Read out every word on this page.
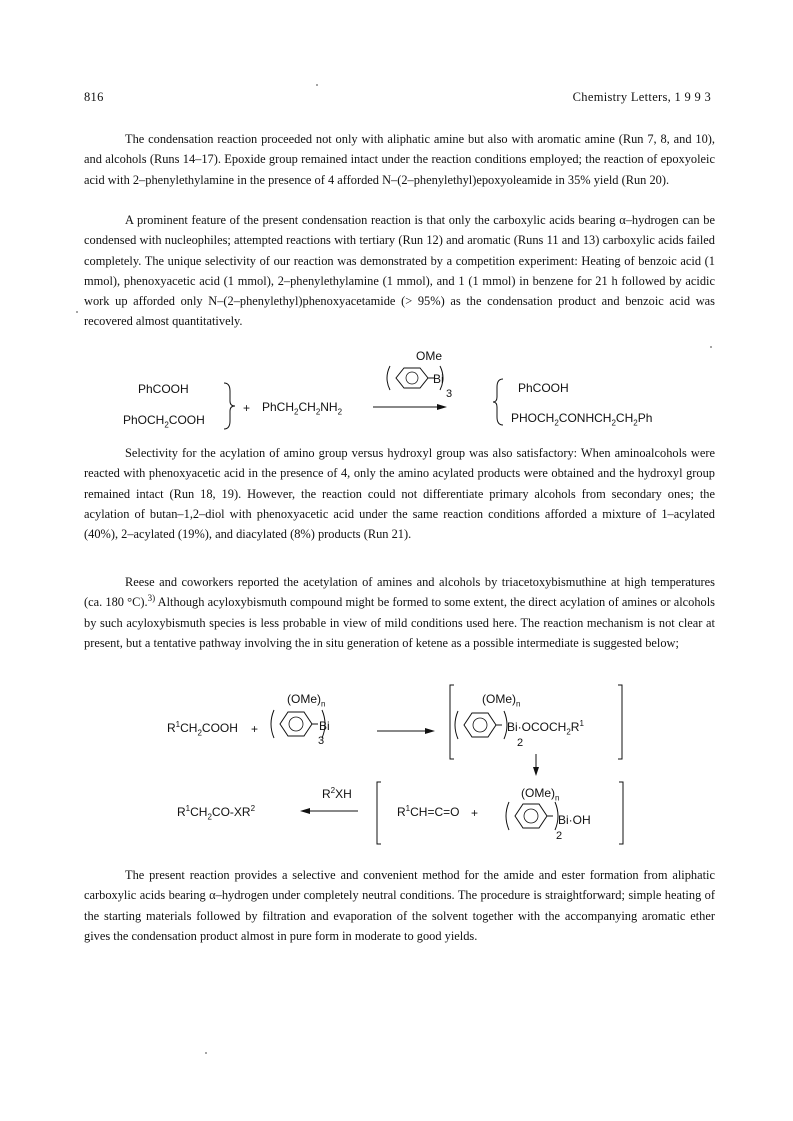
816	Chemistry Letters, 1 9 9 3

The condensation reaction proceeded not only with aliphatic amine but also with aromatic amine (Run 7, 8, and 10), and alcohols (Runs 14–17). Epoxide group remained intact under the reaction conditions employed; the reaction of epoxyoleic acid with 2–phenylethylamine in the presence of 4 afforded N–(2–phenylethyl)epoxyoleamide in 35% yield (Run 20).

A prominent feature of the present condensation reaction is that only the carboxylic acids bearing α–hydrogen can be condensed with nucleophiles; attempted reactions with tertiary (Run 12) and aromatic (Runs 11 and 13) carboxylic acids failed completely. The unique selectivity of our reaction was demonstrated by a competition experiment: Heating of benzoic acid (1 mmol), phenoxyacetic acid (1 mmol), 2–phenylethylamine (1 mmol), and 1 (1 mmol) in benzene for 21 h followed by acidic work up afforded only N–(2–phenylethyl)phenoxyacetamide (> 95%) as the condensation product and benzoic acid was recovered almost quantitatively.

PhCOOH
PhOCH$_2$COOH
+ $PhCH_2CH_2NH_2$
OMe
Bi
3	PhCOOH
$PHOCH_2CONHCH_2CH_2Ph$

Selectivity for the acylation of amino group versus hydroxyl group was also satisfactory: When aminoalcohols were reacted with phenoxyacetic acid in the presence of 4, only the amino acylated products were obtained and the hydroxyl group remained intact (Run 18, 19). However, the reaction could not differentiate primary alcohols from secondary ones; the acylation of butan–1,2–diol with phenoxyacetic acid under the same reaction conditions afforded a mixture of 1–acylated (40%), 2–acylated (19%), and diacylated (8%) products (Run 21).

Reese and coworkers reported the acetylation of amines and alcohols by triacetoxybismuthine at high temperatures (ca. 180 °C).$^{3)}$ Although acyloxybismuth compound might be formed to some extent, the direct acylation of amines or alcohols by such acyloxybismuth species is less probable in view of mild conditions used here. The reaction mechanism is not clear at present, but a tentative pathway involving the in situ generation of ketene as a possible intermediate is suggested below;

$R^1CH_2COOH$ +
$(OMe)_n$
Bi
3
$(OMe)_n$
$Bi\cdot OCOCH_2R^1$
2
$R^1CH_2CO-XR^2$
$R^2XH$
$R^1CH=C=O$ +
$(OMe)_n$
Bi·OH
2

The present reaction provides a selective and convenient method for the amide and ester formation from aliphatic carboxylic acids bearing α–hydrogen under completely neutral conditions. The procedure is straightforward; simple heating of the starting materials followed by filtration and evaporation of the solvent together with the accompanying aromatic ether gives the condensation product almost in pure form in moderate to good yields.
